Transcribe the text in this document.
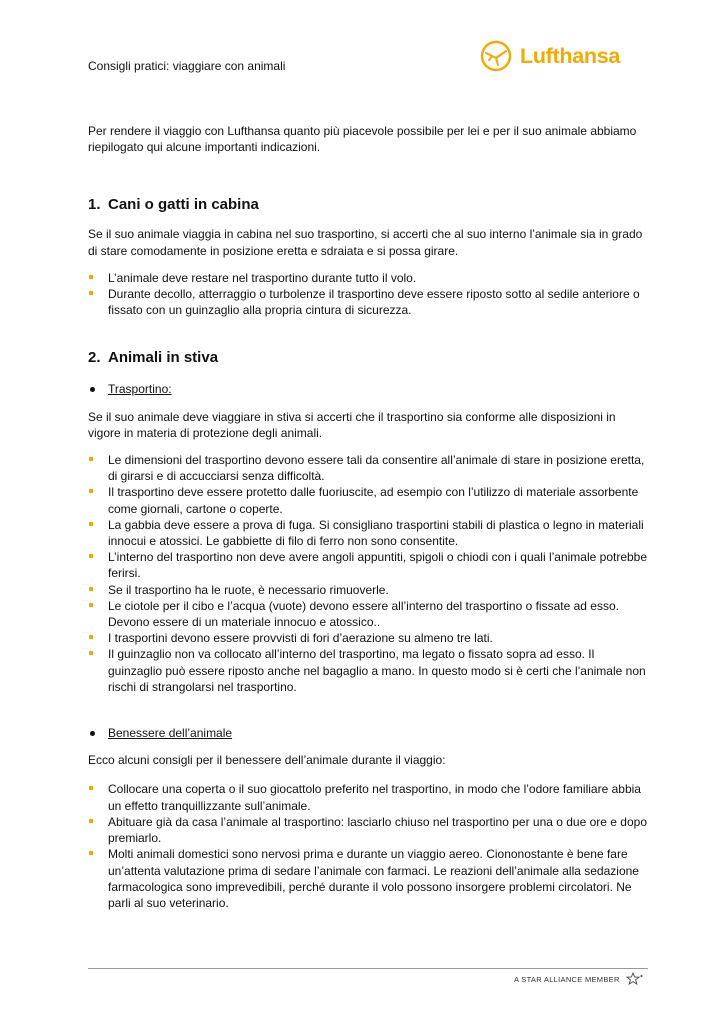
Consigli pratici: viaggiare con animali	Lufthansa

Per rendere il viaggio con Lufthansa quanto più piacevole possibile per lei e per il suo animale abbiamo riepilogato qui alcune importanti indicazioni.

1. Cani o gatti in cabina

Se il suo animale viaggia in cabina nel suo trasportino, si accerti che al suo interno l’animale sia in grado di stare comodamente in posizione eretta e sdraiata e si possa girare.

L’animale deve restare nel trasportino durante tutto il volo.
Durante decollo, atterraggio o turbolenze il trasportino deve essere riposto sotto al sedile anteriore o fissato con un guinzaglio alla propria cintura di sicurezza.
2. Animali in stiva
Trasportino:

Se il suo animale deve viaggiare in stiva si accerti che il trasportino sia conforme alle disposizioni in vigore in materia di protezione degli animali.

Le dimensioni del trasportino devono essere tali da consentire all’animale di stare in posizione eretta, di girarsi e di accucciarsi senza difficoltà.
Il trasportino deve essere protetto dalle fuoriuscite, ad esempio con l’utilizzo di materiale assorbente come giornali, cartone o coperte.
La gabbia deve essere a prova di fuga. Si consigliano trasportini stabili di plastica o legno in materiali innocui e atossici. Le gabbiette di filo di ferro non sono consentite.
L’interno del trasportino non deve avere angoli appuntiti, spigoli o chiodi con i quali l’animale potrebbe ferirsi.
Se il trasportino ha le ruote, è necessario rimuoverle.
Le ciotole per il cibo e l’acqua (vuote) devono essere all’interno del trasportino o fissate ad esso. Devono essere di un materiale innocuo e atossico..
I trasportini devono essere provvisti di fori d’aerazione su almeno tre lati.
Il guinzaglio non va collocato all’interno del trasportino, ma legato o fissato sopra ad esso. Il guinzaglio può essere riposto anche nel bagaglio a mano. In questo modo si è certi che l’animale non rischi di strangolarsi nel trasportino.
Benessere dell’animale

Ecco alcuni consigli per il benessere dell’animale durante il viaggio:

Collocare una coperta o il suo giocattolo preferito nel trasportino, in modo che l’odore familiare abbia un effetto tranquillizzante sull’animale.
Abituare già da casa l’animale al trasportino: lasciarlo chiuso nel trasportino per una o due ore e dopo premiarlo.
Molti animali domestici sono nervosi prima e durante un viaggio aereo. Ciononostante è bene fare un’attenta valutazione prima di sedare l’animale con farmaci. Le reazioni dell’animale alla sedazione farmacologica sono imprevedibili, perché durante il volo possono insorgere problemi circolatori. Ne parli al suo veterinario.
A STAR ALLIANCE MEMBER
